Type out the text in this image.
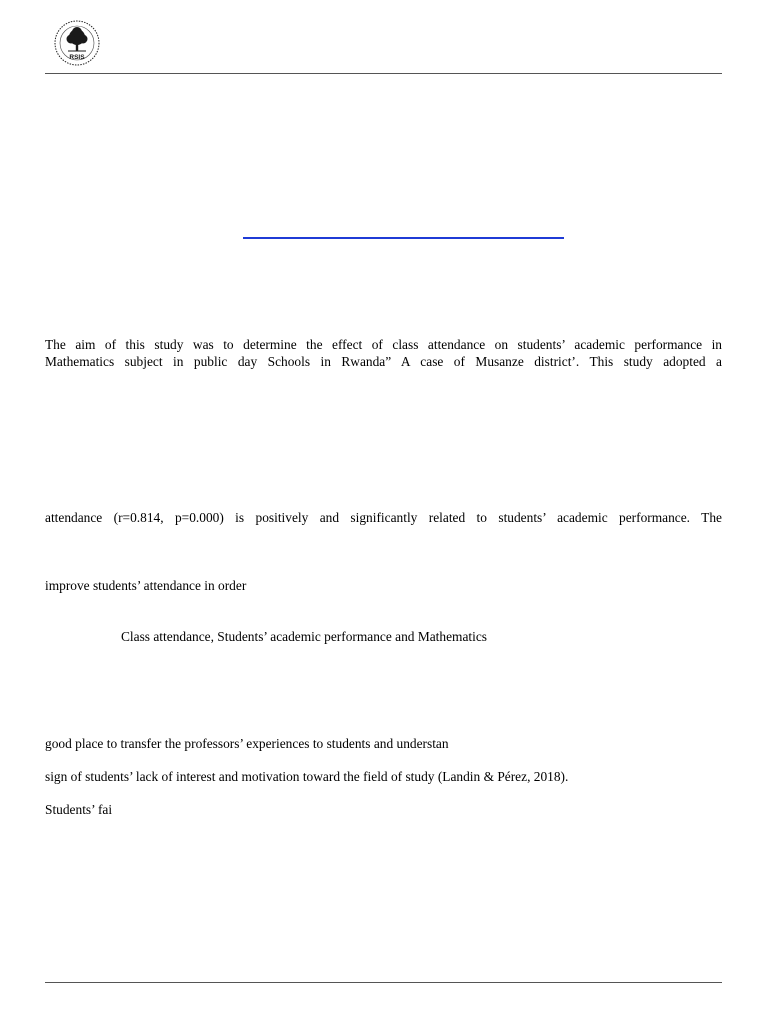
RSIS
The aim of this study was to determine the effect of class attendance on students’ academic performance in
Mathematics subject in public day Schools in Rwanda” A case of Musanze district’. This study adopted a
attendance (r=0.814, p=0.000) is positively and significantly related to students’ academic performance. The
improve students’ attendance in order
Class attendance, Students’ academic performance and Mathematics
good place to transfer the professors’ experiences to students and understan
sign of students’ lack of interest and motivation toward the field of study (Landin & Pérez, 2018).
Students’ fai
